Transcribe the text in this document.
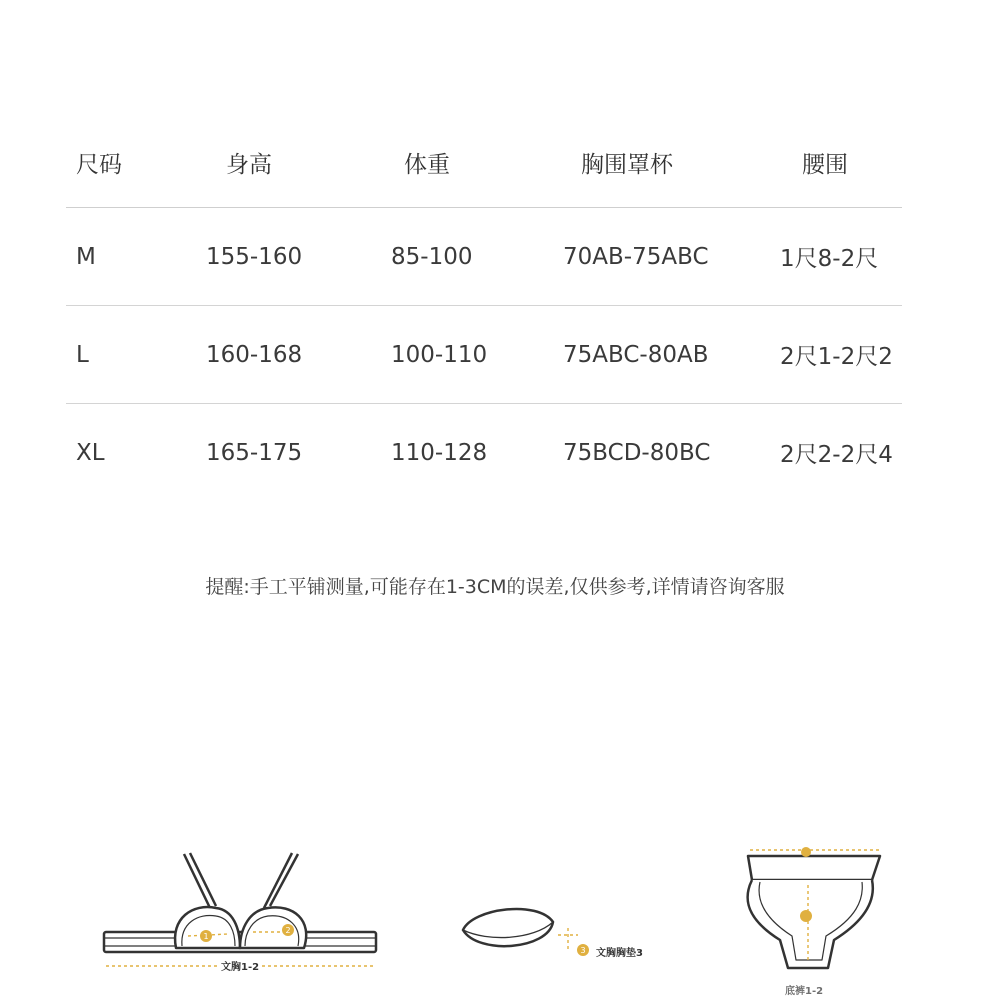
尺码	身高	体重	胸围罩杯	腰围
M	155-160	85-100	70AB-75ABC	1尺8-2尺
L	160-168	100-110	75ABC-80AB	2尺1-2尺2
XL	165-175	110-128	75BCD-80BC	2尺2-2尺4
提醒:手工平铺测量,可能存在1-3CM的误差,仅供参考,详情请咨询客服
1
2
文胸1-2
3 文胸胸垫3
底裤1-2
